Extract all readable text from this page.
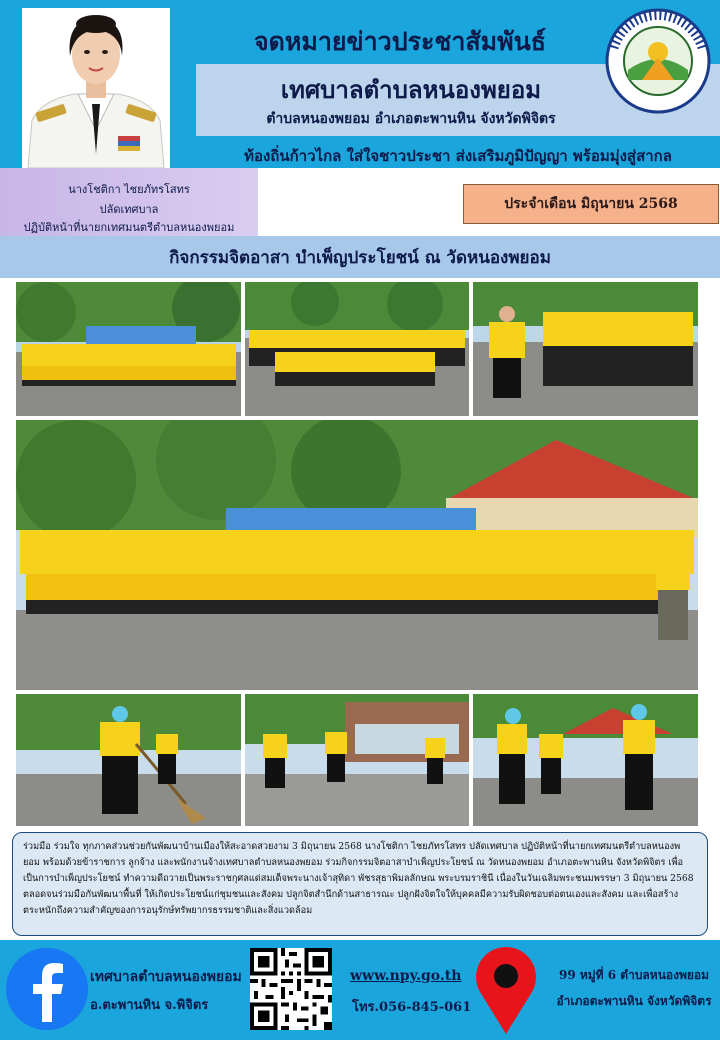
จดหมายข่าวประชาสัมพันธ์
เทศบาลตำบลหนองพยอม
ตำบลหนองพยอม อำเภอตะพานหิน จังหวัดพิจิตร
ท้องถิ่นก้าวไกล ใส่ใจชาวประชา ส่งเสริมภูมิปัญญา พร้อมมุ่งสู่สากล
นางโชติกา ไชยภัทรโสทร
ปลัดเทศบาล
ปฏิบัติหน้าที่นายกเทศมนตรีตำบลหนองพยอม
ประจำเดือน มิถุนายน 2568
กิจกรรมจิตอาสา บำเพ็ญประโยชน์ ณ วัดหนองพยอม
ร่วมมือ ร่วมใจ ทุกภาคส่วนช่วยกันพัฒนาบ้านเมืองให้สะอาดสวยงาม 3 มิถุนายน 2568 นางโชติกา ไชยภัทรโสทร ปลัดเทศบาล ปฏิบัติหน้าที่นายกเทศมนตรีตำบลหนองพยอม พร้อมด้วยข้าราชการ ลูกจ้าง และพนักงานจ้างเทศบาลตำบลหนองพยอม ร่วมกิจกรรมจิตอาสาบำเพ็ญประโยชน์ ณ วัดหนองพยอม อำเภอตะพานหิน จังหวัดพิจิตร เพื่อเป็นการบำเพ็ญประโยชน์ ทำความดีถวายเป็นพระราชกุศลแด่สมเด็จพระนางเจ้าสุทิดา พัชรสุธาพิมลลักษณ พระบรมราชินี เนื่องในวันเฉลิมพระชนมพรรษา 3 มิถุนายน 2568 ตลอดจนร่วมมือกันพัฒนาพื้นที่ ให้เกิดประโยชน์แก่ชุมชนและสังคม ปลูกจิตสำนึกด้านสาธารณะ ปลูกฝังจิตใจให้บุคคลมีความรับผิดชอบต่อตนเองและสังคม และเพื่อสร้างตระหนักถึงความสำคัญของการอนุรักษ์ทรัพยากรธรรมชาติและสิ่งแวดล้อม
เทศบาลตำบลหนองพยอม
อ.ตะพานหิน จ.พิจิตร
www.npy.go.th
โทร.056-845-061
99 หมู่ที่ 6 ตำบลหนองพยอม
อำเภอตะพานหิน จังหวัดพิจิตร
